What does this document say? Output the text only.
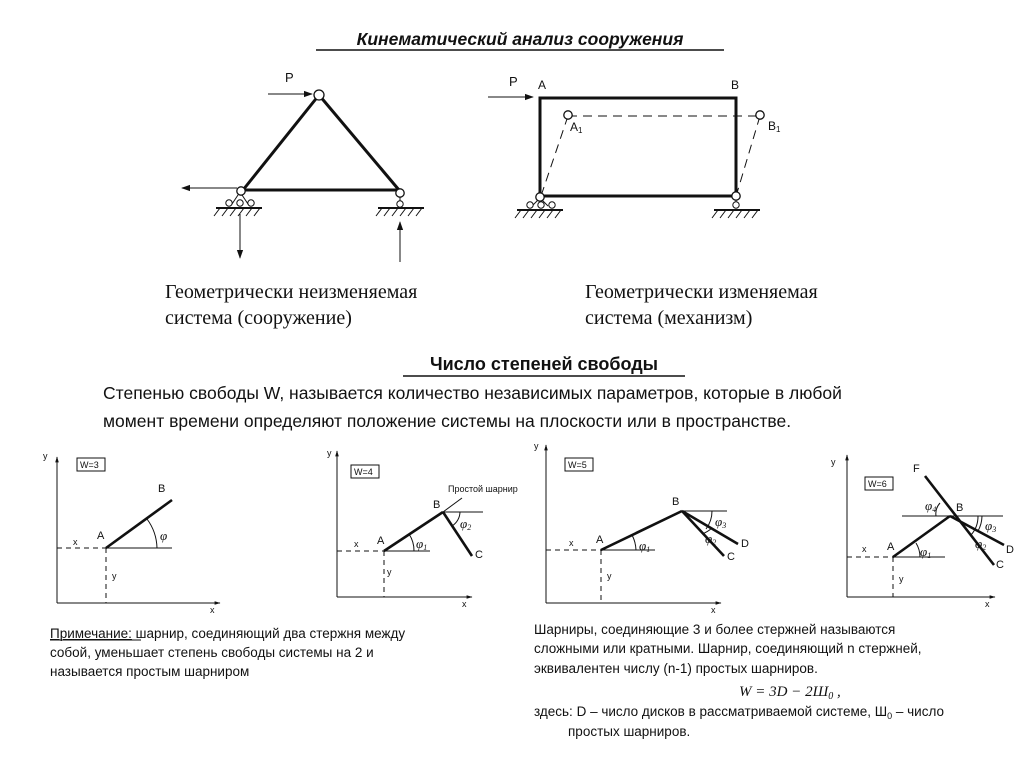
Кинематический анализ сооружения
P	P A	B
A1	B1
Геометрически неизменяемая
система (сооружение)
Геометрически изменяемая
система (механизм)
Число степеней свободы
Степенью свободы W, называется количество независимых параметров, которые в любой
момент времени определяют положение системы на плоскости или в пространстве.
y
x
W=3
x
y
A
B
φ
y
x
W=4
x
y
A
B
C
φ1
φ2
Простой шарнир
y
x
W=5
x
y
A
B
C
D
φ1
φ2
φ3
y
x
W=6
x
y
A
B
C
D
F
φ1
φ2
φ3
φ4
Примечание: шарнир, соединяющий два стержня между
собой, уменьшает степень свободы системы на 2 и
называется простым шарниром
Шарниры, соединяющие 3 и более стержней называются
сложными или кратными. Шарнир, соединяющий n стержней,
эквивалентен числу (n-1) простых шарниров.
$W = 3D - 2Ш_0$ ,
здесь: D – число дисков в рассматриваемой системе, $Ш_0$ – число
простых шарниров.
